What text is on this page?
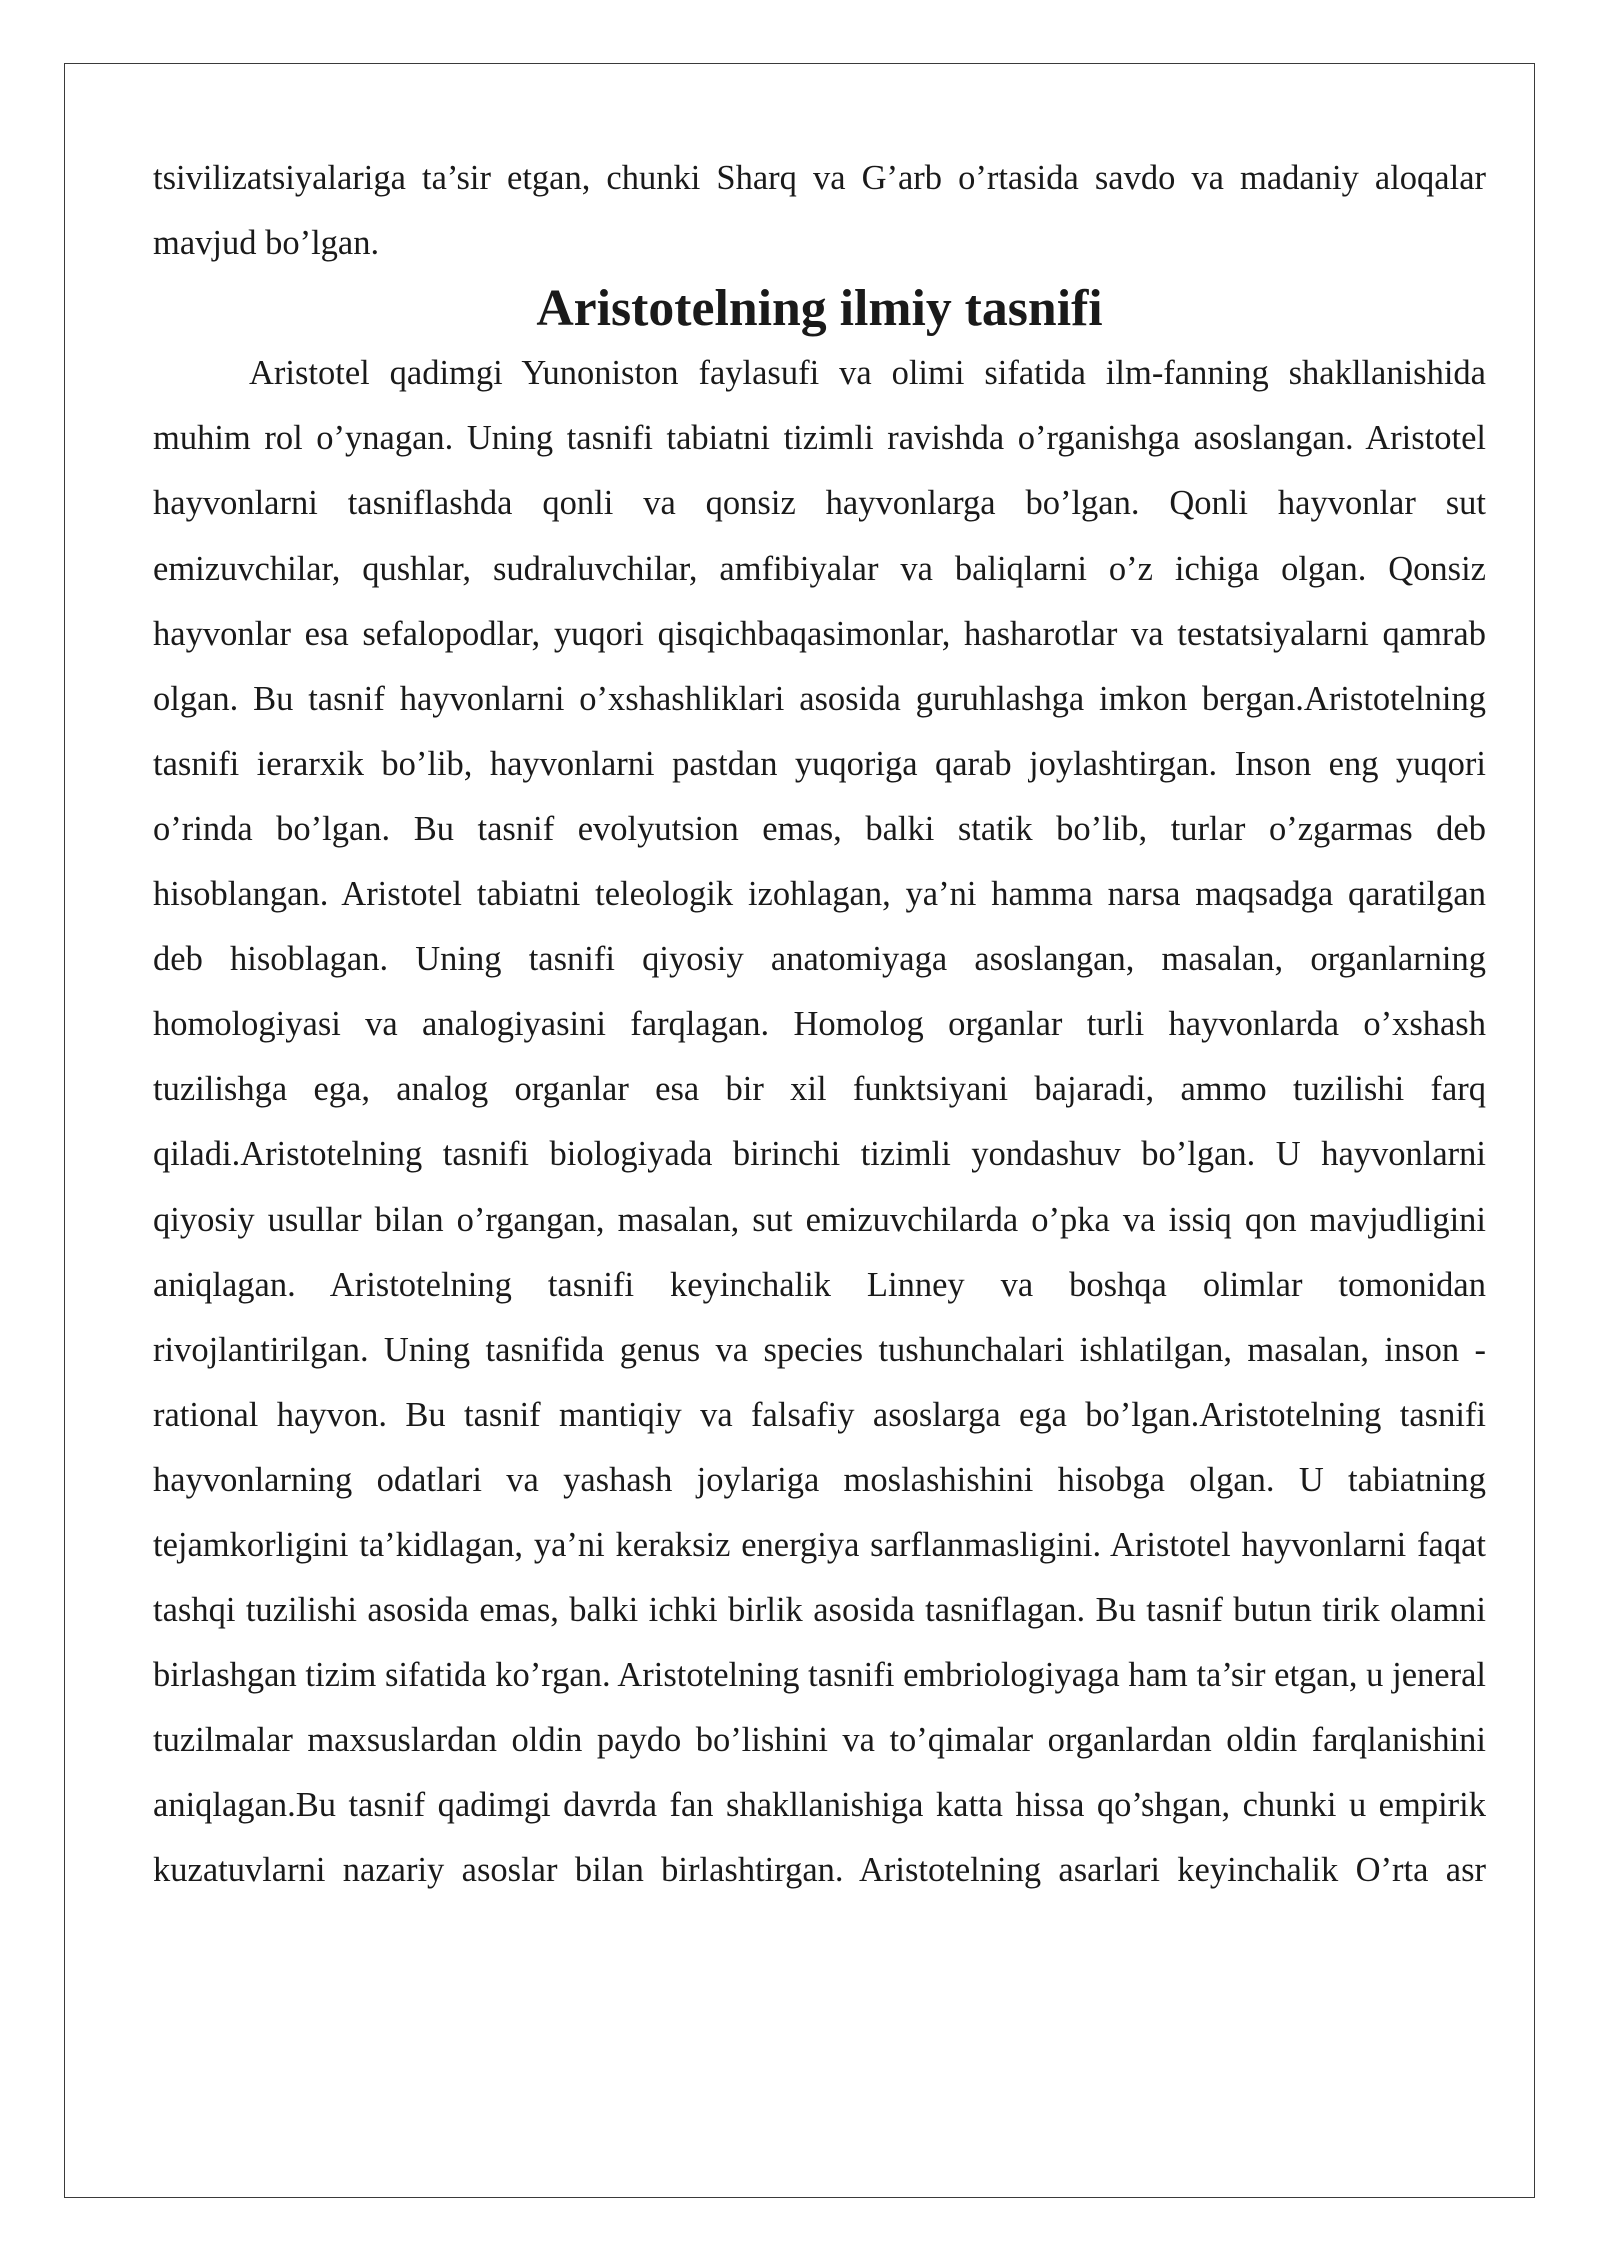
tsivilizatsiyalariga ta’sir etgan, chunki Sharq va G’arb o’rtasida savdo va madaniy aloqalar mavjud bo’lgan.

Aristotelning ilmiy tasnifi

Aristotel qadimgi Yunoniston faylasufi va olimi sifatida ilm-fanning shakllanishida muhim rol o’ynagan. Uning tasnifi tabiatni tizimli ravishda o’rganishga asoslangan. Aristotel hayvonlarni tasniflashda qonli va qonsiz hayvonlarga bo’lgan. Qonli hayvonlar sut emizuvchilar, qushlar, sudraluvchilar, amfibiyalar va baliqlarni o’z ichiga olgan. Qonsiz hayvonlar esa sefalopodlar, yuqori qisqichbaqasimonlar, hasharotlar va testatsiyalarni qamrab olgan. Bu tasnif hayvonlarni o’xshashliklari asosida guruhlashga imkon bergan.Aristotelning tasnifi ierarxik bo’lib, hayvonlarni pastdan yuqoriga qarab joylashtirgan. Inson eng yuqori o’rinda bo’lgan. Bu tasnif evolyutsion emas, balki statik bo’lib, turlar o’zgarmas deb hisoblangan. Aristotel tabiatni teleologik izohlagan, ya’ni hamma narsa maqsadga qaratilgan deb hisoblagan. Uning tasnifi qiyosiy anatomiyaga asoslangan, masalan, organlarning homologiyasi va analogiyasini farqlagan. Homolog organlar turli hayvonlarda o’xshash tuzilishga ega, analog organlar esa bir xil funktsiyani bajaradi, ammo tuzilishi farq qiladi.Aristotelning tasnifi biologiyada birinchi tizimli yondashuv bo’lgan. U hayvonlarni qiyosiy usullar bilan o’rgangan, masalan, sut emizuvchilarda o’pka va issiq qon mavjudligini aniqlagan. Aristotelning tasnifi keyinchalik Linney va boshqa olimlar tomonidan rivojlantirilgan. Uning tasnifida genus va species tushunchalari ishlatilgan, masalan, inson - rational hayvon. Bu tasnif mantiqiy va falsafiy asoslarga ega bo’lgan.Aristotelning tasnifi hayvonlarning odatlari va yashash joylariga moslashishini hisobga olgan. U tabiatning tejamkorligini ta’kidlagan, ya’ni keraksiz energiya sarflanmasligini. Aristotel hayvonlarni faqat tashqi tuzilishi asosida emas, balki ichki birlik asosida tasniflagan. Bu tasnif butun tirik olamni birlashgan tizim sifatida ko’rgan. Aristotelning tasnifi embriologiyaga ham ta’sir etgan, u jeneral tuzilmalar maxsuslardan oldin paydo bo’lishini va to’qimalar organlardan oldin farqlanishini aniqlagan.Bu tasnif qadimgi davrda fan shakllanishiga katta hissa qo’shgan, chunki u empirik kuzatuvlarni nazariy asoslar bilan birlashtirgan. Aristotelning asarlari keyinchalik O’rta asr
